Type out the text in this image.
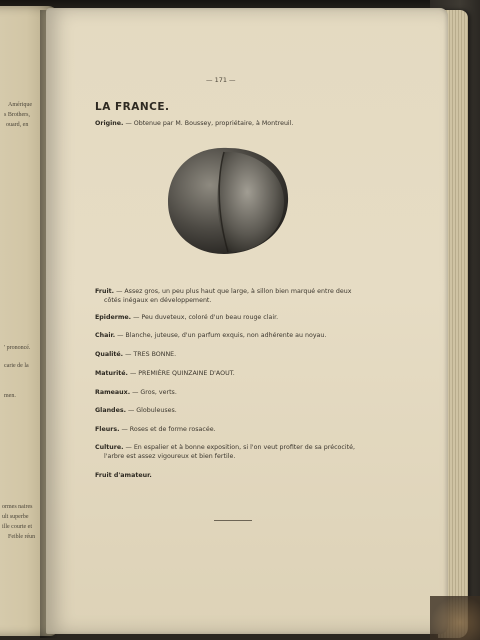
Amérique
s Brothers,
ouard, en
' prononcé.
carie de la
men.
ormes naires
ult superbe
ille courte et
Feible réun
— 171 —
LA FRANCE.
Origine. — Obtenue par M. Boussey, propriétaire, à Montreuil.
Fruit. — Assez gros, un peu plus haut que large, à sillon bien marqué entre deux
côtés inégaux en développement.
Epiderme. — Peu duveteux, coloré d'un beau rouge clair.
Chair. — Blanche, juteuse, d'un parfum exquis, non adhérente au noyau.
Qualité. — TRES BONNE.
Maturité. — PREMIÈRE QUINZAINE D'AOUT.
Rameaux. — Gros, verts.
Glandes. — Globuleuses.
Fleurs. — Roses et de forme rosacée.
Culture. — En espalier et à bonne exposition, si l'on veut profiter de sa précocité,
l'arbre est assez vigoureux et bien fertile.
Fruit d'amateur.
